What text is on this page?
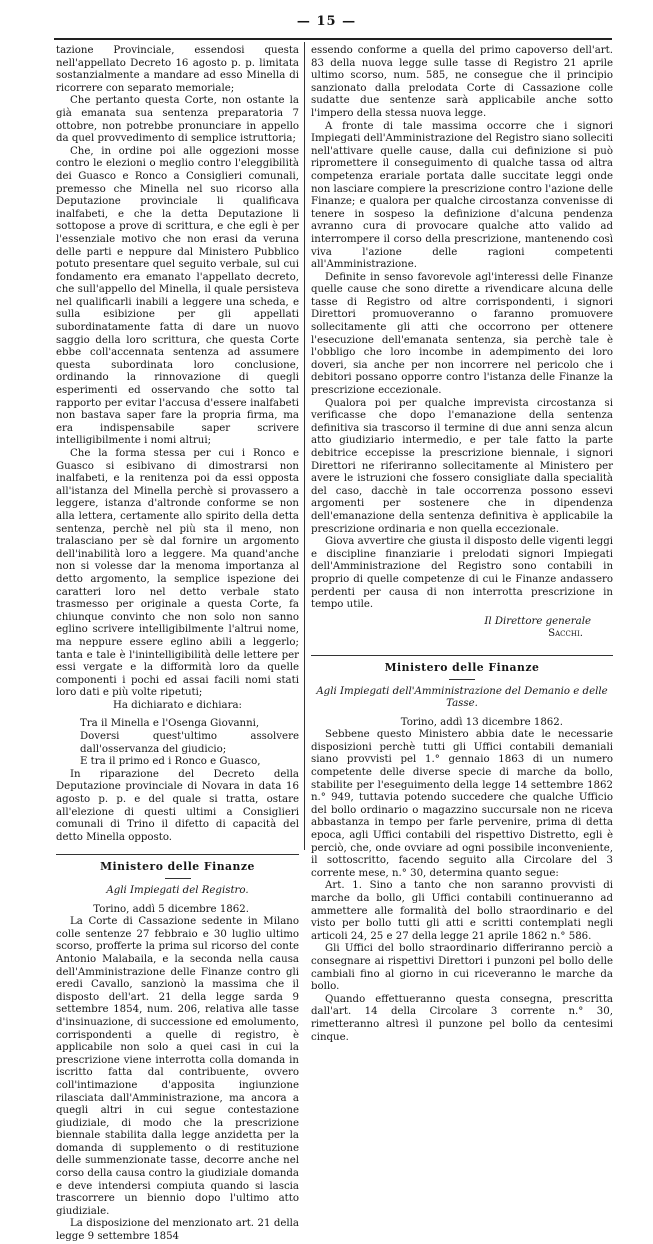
— 15 —

tazione Provinciale, essendosi questa nell'appellato Decreto 16 agosto p. p. limitata sostanzialmente a mandare ad esso Minella di ricorrere con separato memoriale;

Che pertanto questa Corte, non ostante la già emanata sua sentenza preparatoria 7 ottobre, non potrebbe pronunciare in appello da quel provvedimento di semplice istruttoria;

Che, in ordine poi alle oggezioni mosse contro le elezioni o meglio contro l'eleggibilità dei Guasco e Ronco a Consiglieri comunali, premesso che Minella nel suo ricorso alla Deputazione provinciale li qualificava inalfabeti, e che la detta Deputazione li sottopose a prove di scrittura, e che egli è per l'essenziale motivo che non erasi da veruna delle parti e neppure dal Ministero Pubblico potuto presentare quel seguito verbale, sul cui fondamento era emanato l'appellato decreto, che sull'appello del Minella, il quale persisteva nel qualificarli inabili a leggere una scheda, e sulla esibizione per gli appellati subordinatamente fatta di dare un nuovo saggio della loro scrittura, che questa Corte ebbe coll'accennata sentenza ad assumere questa subordinata loro conclusione, ordinando la rinnovazione di quegli esperimenti ed osservando che sotto tal rapporto per evitar l'accusa d'essere inalfabeti non bastava saper fare la propria firma, ma era indispensabile saper scrivere intelligibilmente i nomi altrui;

Che la forma stessa per cui i Ronco e Guasco si esibivano di dimostrarsi non inalfabeti, e la renitenza poi da essi opposta all'istanza del Minella perchè si provassero a leggere, istanza d'altronde conforme se non alla lettera, certamente allo spirito della detta sentenza, perchè nel più sta il meno, non tralasciano per sè dal fornire un argomento dell'inabilità loro a leggere. Ma quand'anche non si volesse dar la menoma importanza al detto argomento, la semplice ispezione dei caratteri loro nel detto verbale stato trasmesso per originale a questa Corte, fa chiunque convinto che non solo non sanno eglino scrivere intelligibilmente l'altrui nome, ma neppure essere eglino abili a leggerlo; tanta e tale è l'inintelligibilità delle lettere per essi vergate e la difformità loro da quelle componenti i pochi ed assai facili nomi stati loro dati e più volte ripetuti;

Ha dichiarato e dichiara:

Tra il Minella e l'Osenga Giovanni,

Doversi quest'ultimo assolvere dall'osservanza del giudicio;

E tra il primo ed i Ronco e Guasco,

In riparazione del Decreto della Deputazione provinciale di Novara in data 16 agosto p. p. e del quale si tratta, ostare all'elezione di questi ultimi a Consiglieri comunali di Trino il difetto di capacità del detto Minella opposto.

Ministero delle Finanze

Agli Impiegati del Registro.

Torino, addì 5 dicembre 1862.

La Corte di Cassazione sedente in Milano colle sentenze 27 febbraio e 30 luglio ultimo scorso, profferte la prima sul ricorso del conte Antonio Malabaila, e la seconda nella causa dell'Amministrazione delle Finanze contro gli eredi Cavallo, sanzionò la massima che il disposto dell'art. 21 della legge sarda 9 settembre 1854, num. 206, relativa alle tasse d'insinuazione, di successione ed emolumento, corrispondenti a quelle di registro, è applicabile non solo a quei casi in cui la prescrizione viene interrotta colla domanda in iscritto fatta dal contribuente, ovvero coll'intimazione d'apposita ingiunzione rilasciata dall'Amministrazione, ma ancora a quegli altri in cui segue contestazione giudiziale, di modo che la prescrizione biennale stabilita dalla legge anzidetta per la domanda di supplemento o di restituzione delle summenzionate tasse, decorre anche nel corso della causa contro la giudiziale domanda e deve intendersi compiuta quando si lascia trascorrere un biennio dopo l'ultimo atto giudiziale.

La disposizione del menzionato art. 21 della legge 9 settembre 1854

essendo conforme a quella del primo capoverso dell'art. 83 della nuova legge sulle tasse di Registro 21 aprile ultimo scorso, num. 585, ne consegue che il principio sanzionato dalla prelodata Corte di Cassazione colle sudatte due sentenze sarà applicabile anche sotto l'impero della stessa nuova legge.

A fronte di tale massima occorre che i signori Impiegati dell'Amministrazione del Registro siano solleciti nell'attivare quelle cause, dalla cui definizione si può ripromettere il conseguimento di qualche tassa od altra competenza erariale portata dalle succitate leggi onde non lasciare compiere la prescrizione contro l'azione delle Finanze; e qualora per qualche circostanza convenisse di tenere in sospeso la definizione d'alcuna pendenza avranno cura di provocare qualche atto valido ad interrompere il corso della prescrizione, mantenendo così viva l'azione delle ragioni competenti all'Amministrazione.

Definite in senso favorevole agl'interessi delle Finanze quelle cause che sono dirette a rivendicare alcuna delle tasse di Registro od altre corrispondenti, i signori Direttori promuoveranno o faranno promuovere sollecitamente gli atti che occorrono per ottenere l'esecuzione dell'emanata sentenza, sia perchè tale è l'obbligo che loro incombe in adempimento dei loro doveri, sia anche per non incorrere nel pericolo che i debitori possano opporre contro l'istanza delle Finanze la prescrizione eccezionale.

Qualora poi per qualche imprevista circostanza si verificasse che dopo l'emanazione della sentenza definitiva sia trascorso il termine di due anni senza alcun atto giudiziario intermedio, e per tale fatto la parte debitrice eccepisse la prescrizione biennale, i signori Direttori ne riferiranno sollecitamente al Ministero per avere le istruzioni che fossero consigliate dalla specialità del caso, dacchè in tale occorrenza possono essevi argomenti per sostenere che in dipendenza dell'emanazione della sentenza definitiva è applicabile la prescrizione ordinaria e non quella eccezionale.

Giova avvertire che giusta il disposto delle vigenti leggi e discipline finanziarie i prelodati signori Impiegati dell'Amministrazione del Registro sono contabili in proprio di quelle competenze di cui le Finanze andassero perdenti per causa di non interrotta prescrizione in tempo utile.

Il Direttore generale

Sacchi.

Ministero delle Finanze

Agli Impiegati dell'Amministrazione del Demanio e delle Tasse.

Torino, addì 13 dicembre 1862.

Sebbene questo Ministero abbia date le necessarie disposizioni perchè tutti gli Uffici contabili demaniali siano provvisti pel 1.° gennaio 1863 di un numero competente delle diverse specie di marche da bollo, stabilite per l'eseguimento della legge 14 settembre 1862 n.° 949, tuttavia potendo succedere che qualche Ufficio del bollo ordinario o magazzino succursale non ne riceva abbastanza in tempo per farle pervenire, prima di detta epoca, agli Uffici contabili del rispettivo Distretto, egli è perciò, che, onde ovviare ad ogni possibile inconveniente, il sottoscritto, facendo seguito alla Circolare del 3 corrente mese, n.° 30, determina quanto segue:

Art. 1. Sino a tanto che non saranno provvisti di marche da bollo, gli Uffici contabili continueranno ad ammettere alle formalità del bollo straordinario e del visto per bollo tutti gli atti e scritti contemplati negli articoli 24, 25 e 27 della legge 21 aprile 1862 n.° 586.

Gli Uffici del bollo straordinario differiranno perciò a consegnare ai rispettivi Direttori i punzoni pel bollo delle cambiali fino al giorno in cui riceveranno le marche da bollo.

Quando effettueranno questa consegna, prescritta dall'art. 14 della Circolare 3 corrente n.° 30, rimetteranno altresì il punzone pel bollo da centesimi cinque.
